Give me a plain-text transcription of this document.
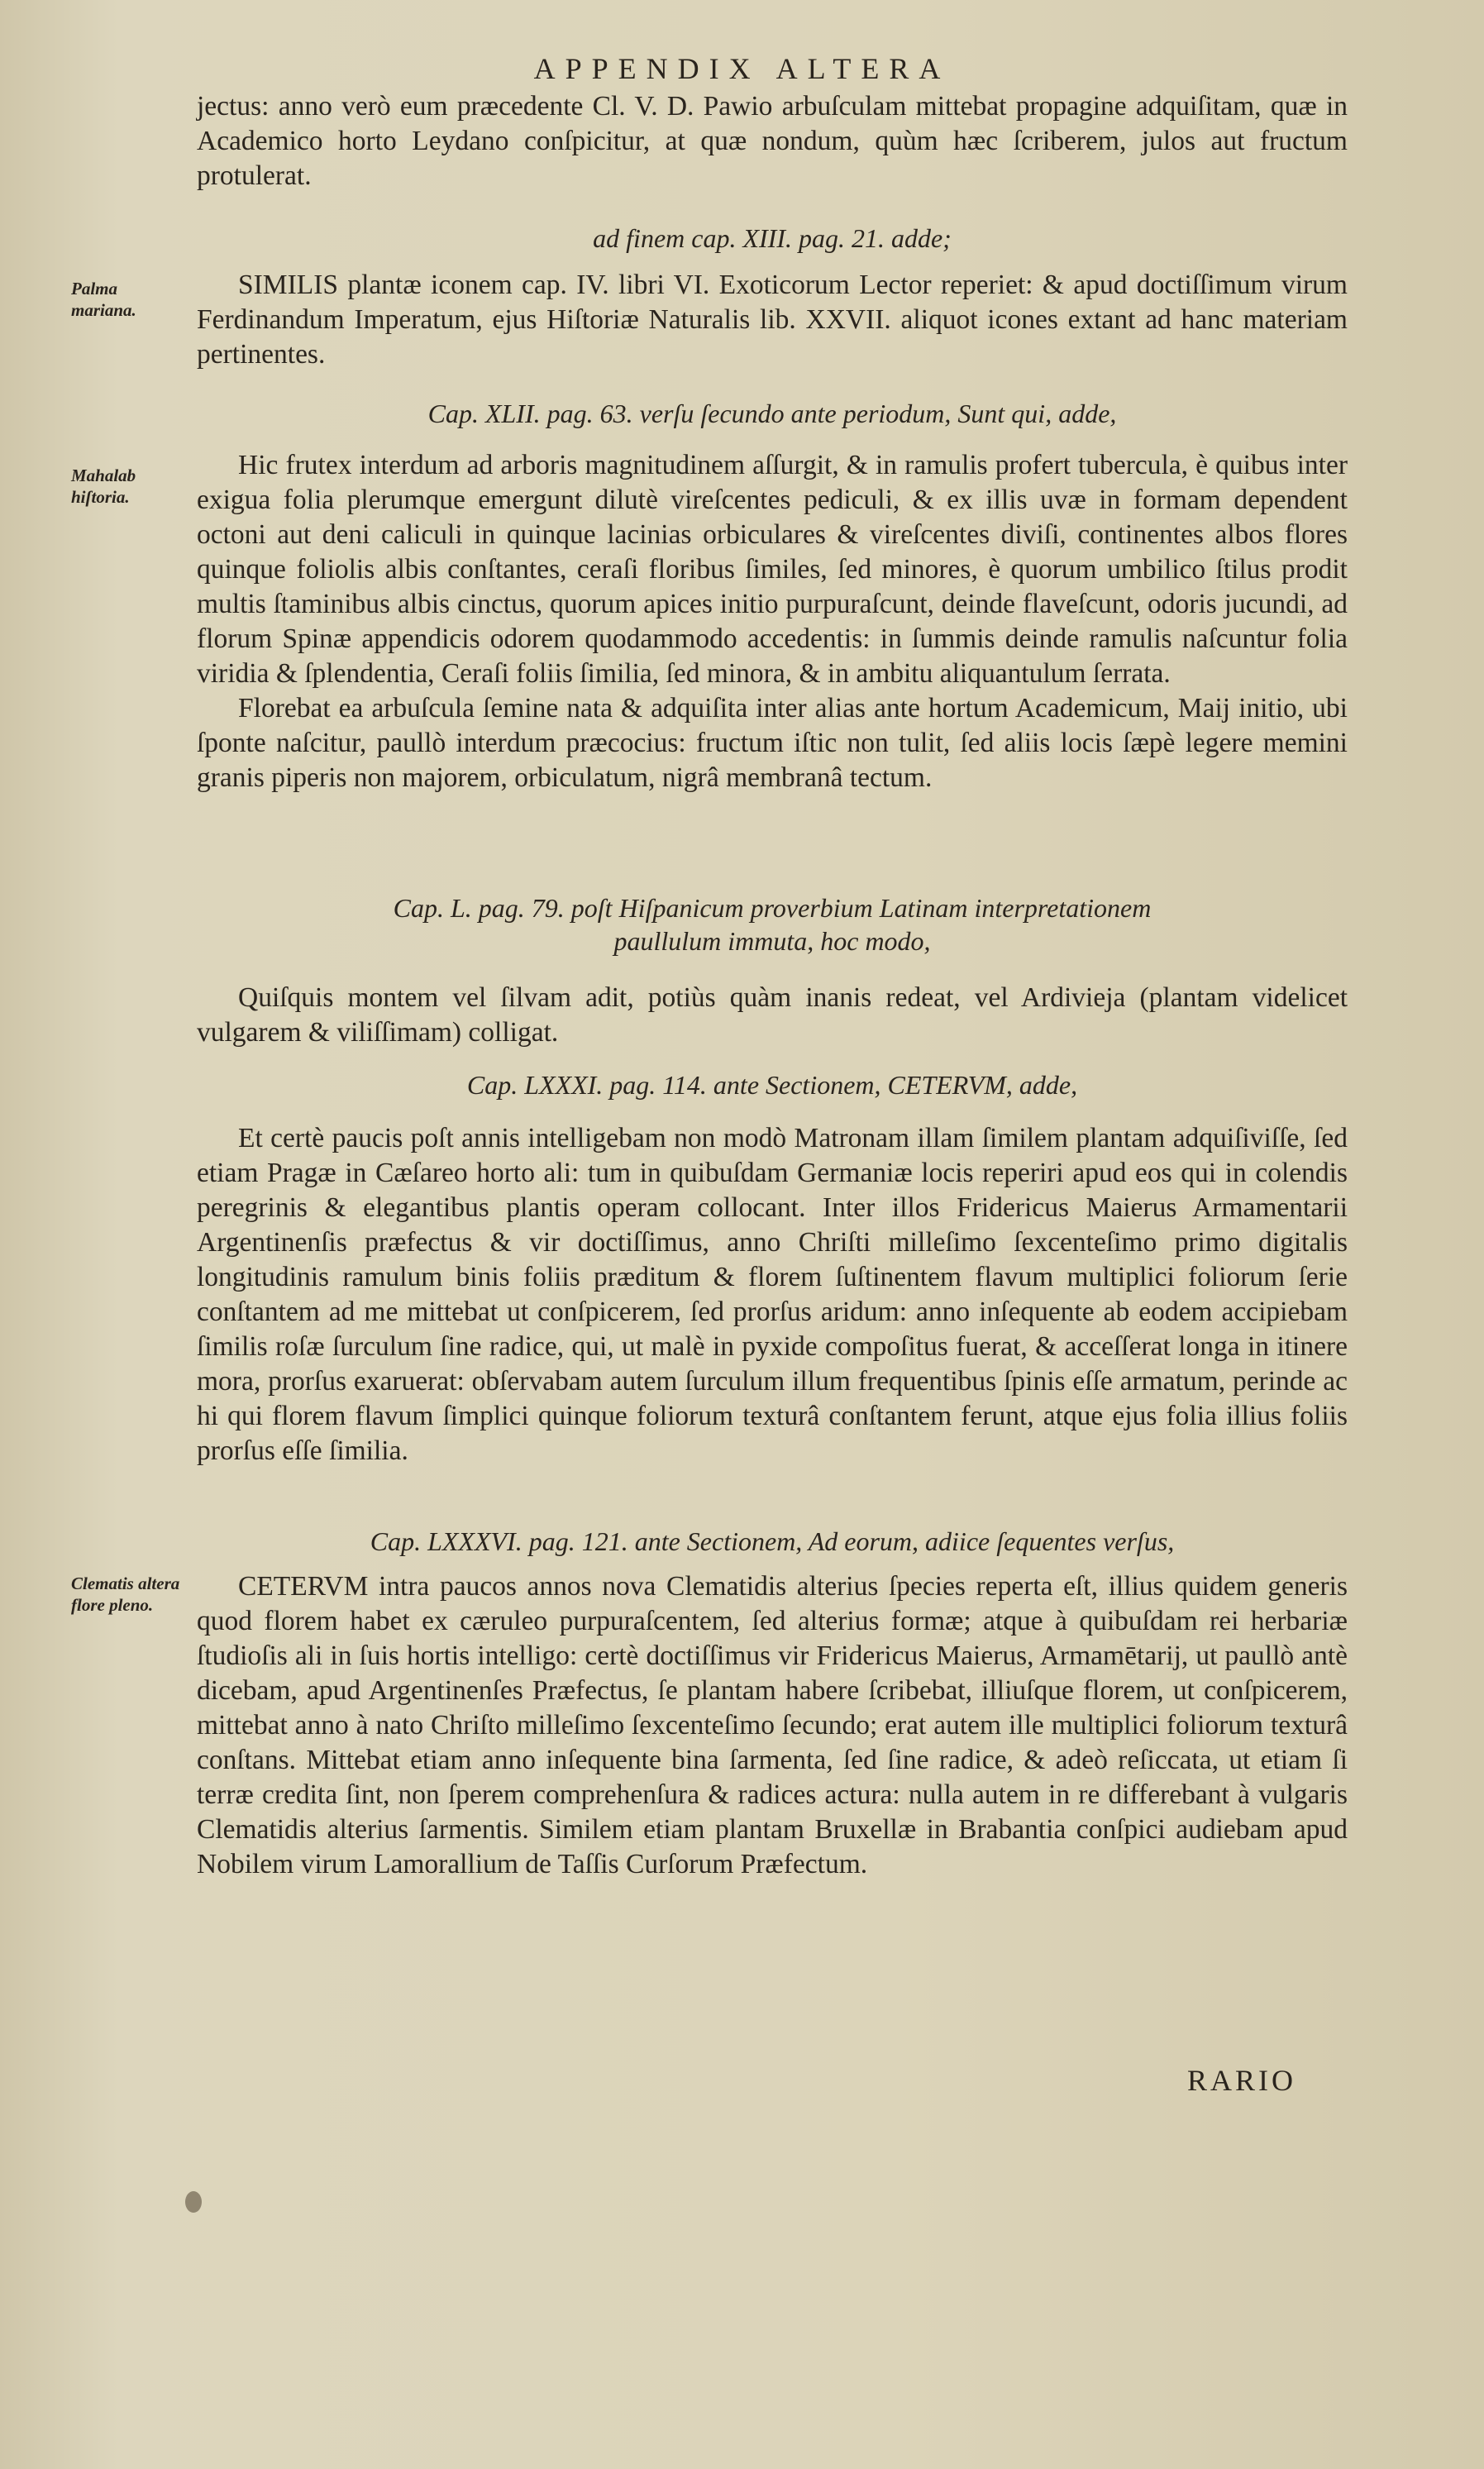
APPENDIX ALTERA

jectus: anno verò eum præcedente Cl. V. D. Pawio arbuſculam mittebat propagine adquiſitam, quæ in Academico horto Leydano conſpicitur, at quæ nondum, quùm hæc ſcriberem, julos aut fructum protulerat.

ad finem cap. XIII. pag. 21. adde;
Palma mariana.

SIMILIS plantæ iconem cap. IV. libri VI. Exoticorum Lector reperiet: & apud doctiſſimum virum Ferdinandum Imperatum, ejus Hiſtoriæ Naturalis lib. XXVII. aliquot icones extant ad hanc materiam pertinentes.

Cap. XLII. pag. 63. verſu ſecundo ante periodum, Sunt qui, adde,
Mahalab hiſtoria.

Hic frutex interdum ad arboris magnitudinem aſſurgit, & in ramulis profert tubercula, è quibus inter exigua folia plerumque emergunt dilutè vireſcentes pediculi, & ex illis uvæ in formam dependent octoni aut deni caliculi in quinque lacinias orbiculares & vireſcentes diviſi, continentes albos flores quinque foliolis albis conſtantes, ceraſi floribus ſimiles, ſed minores, è quorum umbilico ſtilus prodit multis ſtaminibus albis cinctus, quorum apices initio purpuraſcunt, deinde flaveſcunt, odoris jucundi, ad florum Spinæ appendicis odorem quodammodo accedentis: in ſummis deinde ramulis naſcuntur folia viridia & ſplendentia, Ceraſi foliis ſimilia, ſed minora, & in ambitu aliquantulum ſerrata.

Florebat ea arbuſcula ſemine nata & adquiſita inter alias ante hortum Academicum, Maij initio, ubi ſponte naſcitur, paullò interdum præcocius: fructum iſtic non tulit, ſed aliis locis ſæpè legere memini granis piperis non majorem, orbiculatum, nigrâ membranâ tectum.

Cap. L. pag. 79. poſt Hiſpanicum proverbium Latinam interpretationem
paullulum immuta, hoc modo,

Quiſquis montem vel ſilvam adit, potiùs quàm inanis redeat, vel Ardivieja (plantam videlicet vulgarem & viliſſimam) colligat.

Cap. LXXXI. pag. 114. ante Sectionem, CETERVM, adde,

Et certè paucis poſt annis intelligebam non modò Matronam illam ſimilem plantam adquiſiviſſe, ſed etiam Pragæ in Cæſareo horto ali: tum in quibuſdam Germaniæ locis reperiri apud eos qui in colendis peregrinis & elegantibus plantis operam collocant. Inter illos Fridericus Maierus Armamentarii Argentinenſis præfectus & vir doctiſſimus, anno Chriſti milleſimo ſexcenteſimo primo digitalis longitudinis ramulum binis foliis præditum & florem ſuſtinentem flavum multiplici foliorum ſerie conſtantem ad me mittebat ut conſpicerem, ſed prorſus aridum: anno inſequente ab eodem accipiebam ſimilis roſæ ſurculum ſine radice, qui, ut malè in pyxide compoſitus fuerat, & acceſſerat longa in itinere mora, prorſus exaruerat: obſervabam autem ſurculum illum frequentibus ſpinis eſſe armatum, perinde ac hi qui florem flavum ſimplici quinque foliorum texturâ conſtantem ferunt, atque ejus folia illius foliis prorſus eſſe ſimilia.

Cap. LXXXVI. pag. 121. ante Sectionem, Ad eorum, adiice ſequentes verſus,
Clematis altera flore pleno.

CETERVM intra paucos annos nova Clematidis alterius ſpecies reperta eſt, illius quidem generis quod florem habet ex cæruleo purpuraſcentem, ſed alterius formæ; atque à quibuſdam rei herbariæ ſtudioſis ali in ſuis hortis intelligo: certè doctiſſimus vir Fridericus Maierus, Armamētarij, ut paullò antè dicebam, apud Argentinenſes Præfectus, ſe plantam habere ſcribebat, illiuſque florem, ut conſpicerem, mittebat anno à nato Chriſto milleſimo ſexcenteſimo ſecundo; erat autem ille multiplici foliorum texturâ conſtans. Mittebat etiam anno inſequente bina ſarmenta, ſed ſine radice, & adeò reſiccata, ut etiam ſi terræ credita ſint, non ſperem comprehenſura & radices actura: nulla autem in re differebant à vulgaris Clematidis alterius ſarmentis. Similem etiam plantam Bruxellæ in Brabantia conſpici audiebam apud Nobilem virum Lamorallium de Taſſis Curſorum Præfectum.

RARIO
